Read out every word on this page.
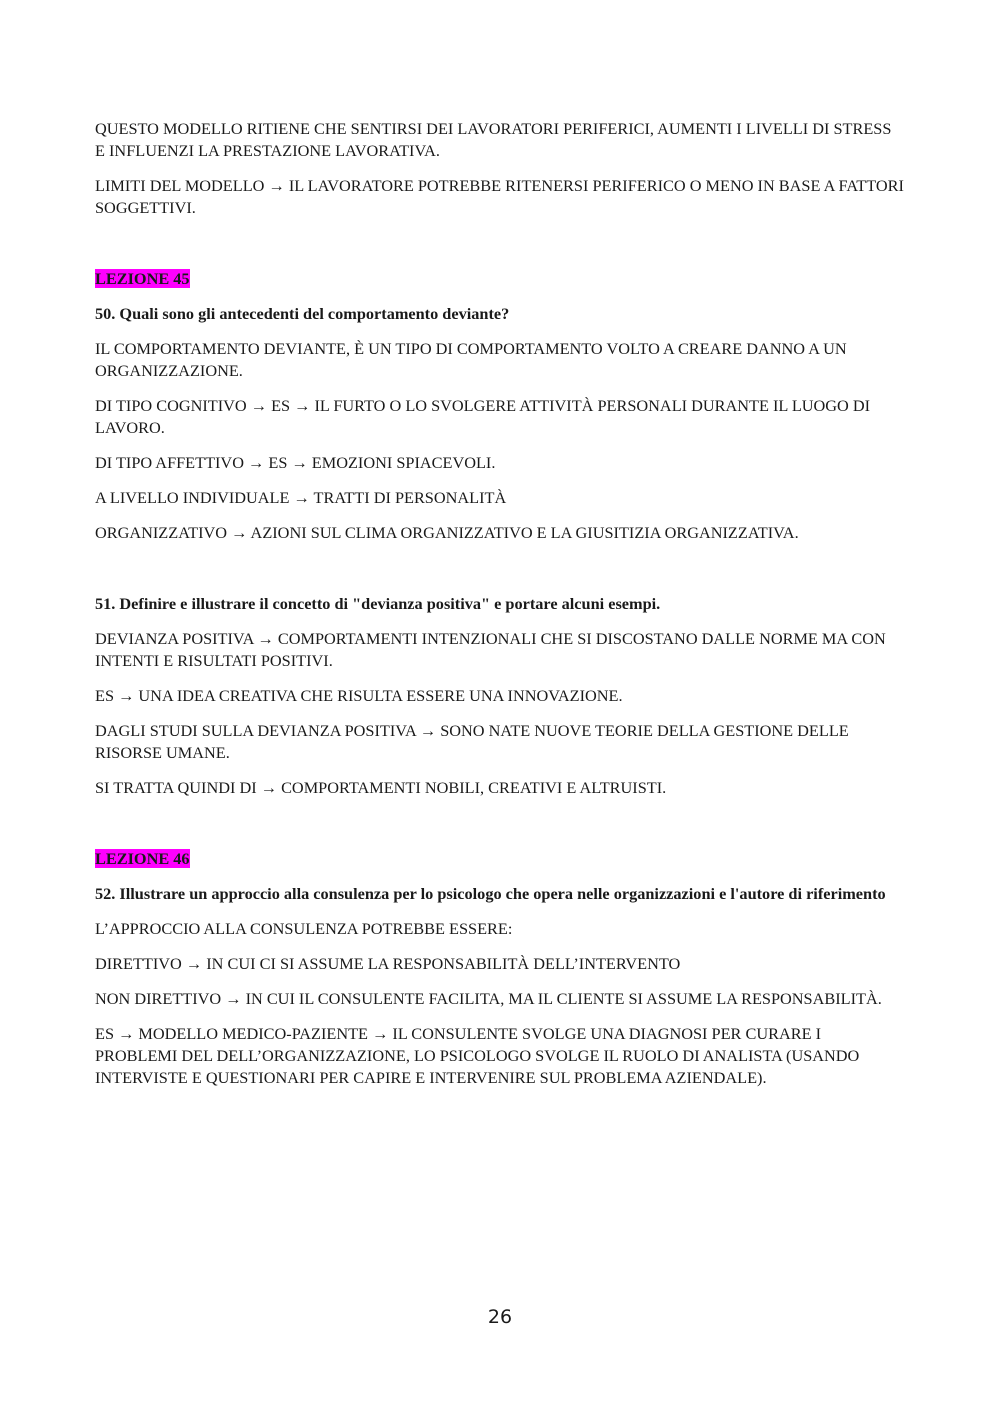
QUESTO MODELLO RITIENE CHE SENTIRSI DEI LAVORATORI PERIFERICI, AUMENTI I LIVELLI DI STRESS E INFLUENZI LA PRESTAZIONE LAVORATIVA.

LIMITI DEL MODELLO → IL LAVORATORE POTREBBE RITENERSI PERIFERICO O MENO IN BASE A FATTORI SOGGETTIVI.

LEZIONE 45

50. Quali sono gli antecedenti del comportamento deviante?

IL COMPORTAMENTO DEVIANTE, È UN TIPO DI COMPORTAMENTO VOLTO A CREARE DANNO A UN ORGANIZZAZIONE.

DI TIPO COGNITIVO → ES → IL FURTO O LO SVOLGERE ATTIVITÀ PERSONALI DURANTE IL LUOGO DI LAVORO.

DI TIPO AFFETTIVO → ES → EMOZIONI SPIACEVOLI.

A LIVELLO INDIVIDUALE → TRATTI DI PERSONALITÀ

ORGANIZZATIVO → AZIONI SUL CLIMA ORGANIZZATIVO E LA GIUSITIZIA ORGANIZZATIVA.

51. Definire e illustrare il concetto di "devianza positiva" e portare alcuni esempi.

DEVIANZA POSITIVA → COMPORTAMENTI INTENZIONALI CHE SI DISCOSTANO DALLE NORME MA CON INTENTI E RISULTATI POSITIVI.

ES → UNA IDEA CREATIVA CHE RISULTA ESSERE UNA INNOVAZIONE.

DAGLI STUDI SULLA DEVIANZA POSITIVA → SONO NATE NUOVE TEORIE DELLA GESTIONE DELLE RISORSE UMANE.

SI TRATTA QUINDI DI → COMPORTAMENTI NOBILI, CREATIVI E ALTRUISTI.

LEZIONE 46

52. Illustrare un approccio alla consulenza per lo psicologo che opera nelle organizzazioni e l'autore di riferimento

L’APPROCCIO ALLA CONSULENZA POTREBBE ESSERE:

DIRETTIVO → IN CUI CI SI ASSUME LA RESPONSABILITÀ DELL’INTERVENTO

NON DIRETTIVO → IN CUI IL CONSULENTE FACILITA, MA IL CLIENTE SI ASSUME LA RESPONSABILITÀ.

ES → MODELLO MEDICO-PAZIENTE → IL CONSULENTE SVOLGE UNA DIAGNOSI PER CURARE I PROBLEMI DEL DELL’ORGANIZZAZIONE, LO PSICOLOGO SVOLGE IL RUOLO DI ANALISTA (USANDO INTERVISTE E QUESTIONARI PER CAPIRE E INTERVENIRE SUL PROBLEMA AZIENDALE).

26
